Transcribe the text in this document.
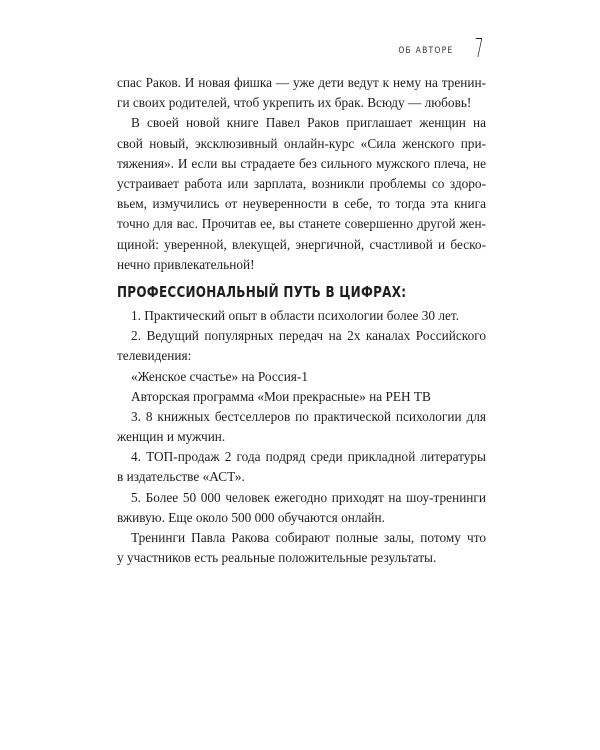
ОБ АВТОРЕ 7
спас Раков. И новая фишка — уже дети ведут к нему на тренин-
ги своих родителей, чтоб укрепить их брак. Всюду — любовь!
В своей новой книге Павел Раков приглашает женщин на
свой новый, эксклюзивный онлайн-курс «Сила женского при-
тяжения». И если вы страдаете без сильного мужского плеча, не
устраивает работа или зарплата, возникли проблемы со здоро-
вьем, измучились от неуверенности в себе, то тогда эта книга
точно для вас. Прочитав ее, вы станете совершенно другой жен-
щиной: уверенной, влекущей, энергичной, счастливой и беско-
нечно привлекательной!
ПРОФЕССИОНАЛЬНЫЙ ПУТЬ В ЦИФРАХ:
1. Практический опыт в области психологии более 30 лет.
2. Ведущий популярных передач на 2х каналах Российского
телевидения:
«Женское счастье» на Россия-1
Авторская программа «Мои прекрасные» на РЕН ТВ
3. 8 книжных бестселлеров по практической психологии для
женщин и мужчин.
4. ТОП-продаж 2 года подряд среди прикладной литературы
в издательстве «АСТ».
5. Более 50 000 человек ежегодно приходят на шоу-тренинги
вживую. Еще около 500 000 обучаются онлайн.
Тренинги Павла Ракова собирают полные залы, потому что
у участников есть реальные положительные результаты.
